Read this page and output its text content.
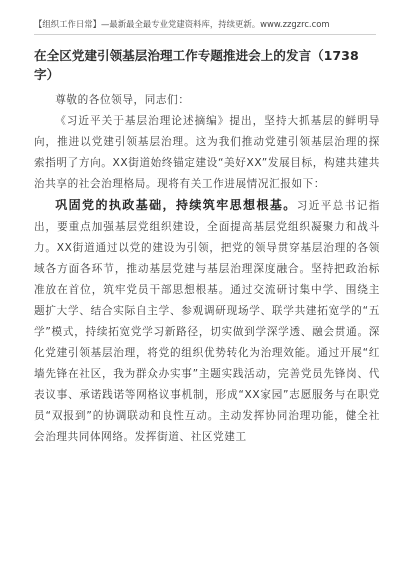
【组织工作日常】—最新最全最专业党建资料库，持续更新。www.zzgzrc.com
在全区党建引领基层治理工作专题推进会上的发言（1738字）

尊敬的各位领导，同志们：

《习近平关于基层治理论述摘编》提出，坚持大抓基层的鲜明导向，推进以党建引领基层治理。这为我们推动党建引领基层治理的探索指明了方向。XX街道始终锚定建设“美好XX”发展目标，构建共建共治共享的社会治理格局。现将有关工作进展情况汇报如下：

巩固党的执政基础，持续筑牢思想根基。习近平总书记指出，要重点加强基层党组织建设，全面提高基层党组织凝聚力和战斗力。XX街道通过以党的建设为引领，把党的领导贯穿基层治理的各领域各方面各环节，推动基层党建与基层治理深度融合。坚持把政治标准放在首位，筑牢党员干部思想根基。通过交流研讨集中学、围绕主题扩大学、结合实际自主学、参观调研现场学、联学共建拓宽学的“五学”模式，持续拓宽党学习新路径，切实做到学深学透、融会贯通。深化党建引领基层治理，将党的组织优势转化为治理效能。通过开展“红墙先锋在社区，我为群众办实事”主题实践活动，完善党员先锋岗、代表议事、承诺践诺等网格议事机制，形成“XX家园”志愿服务与在职党员“双报到”的协调联动和良性互动。主动发挥协同治理功能，健全社会治理共同体网络。发挥街道、社区党建工
